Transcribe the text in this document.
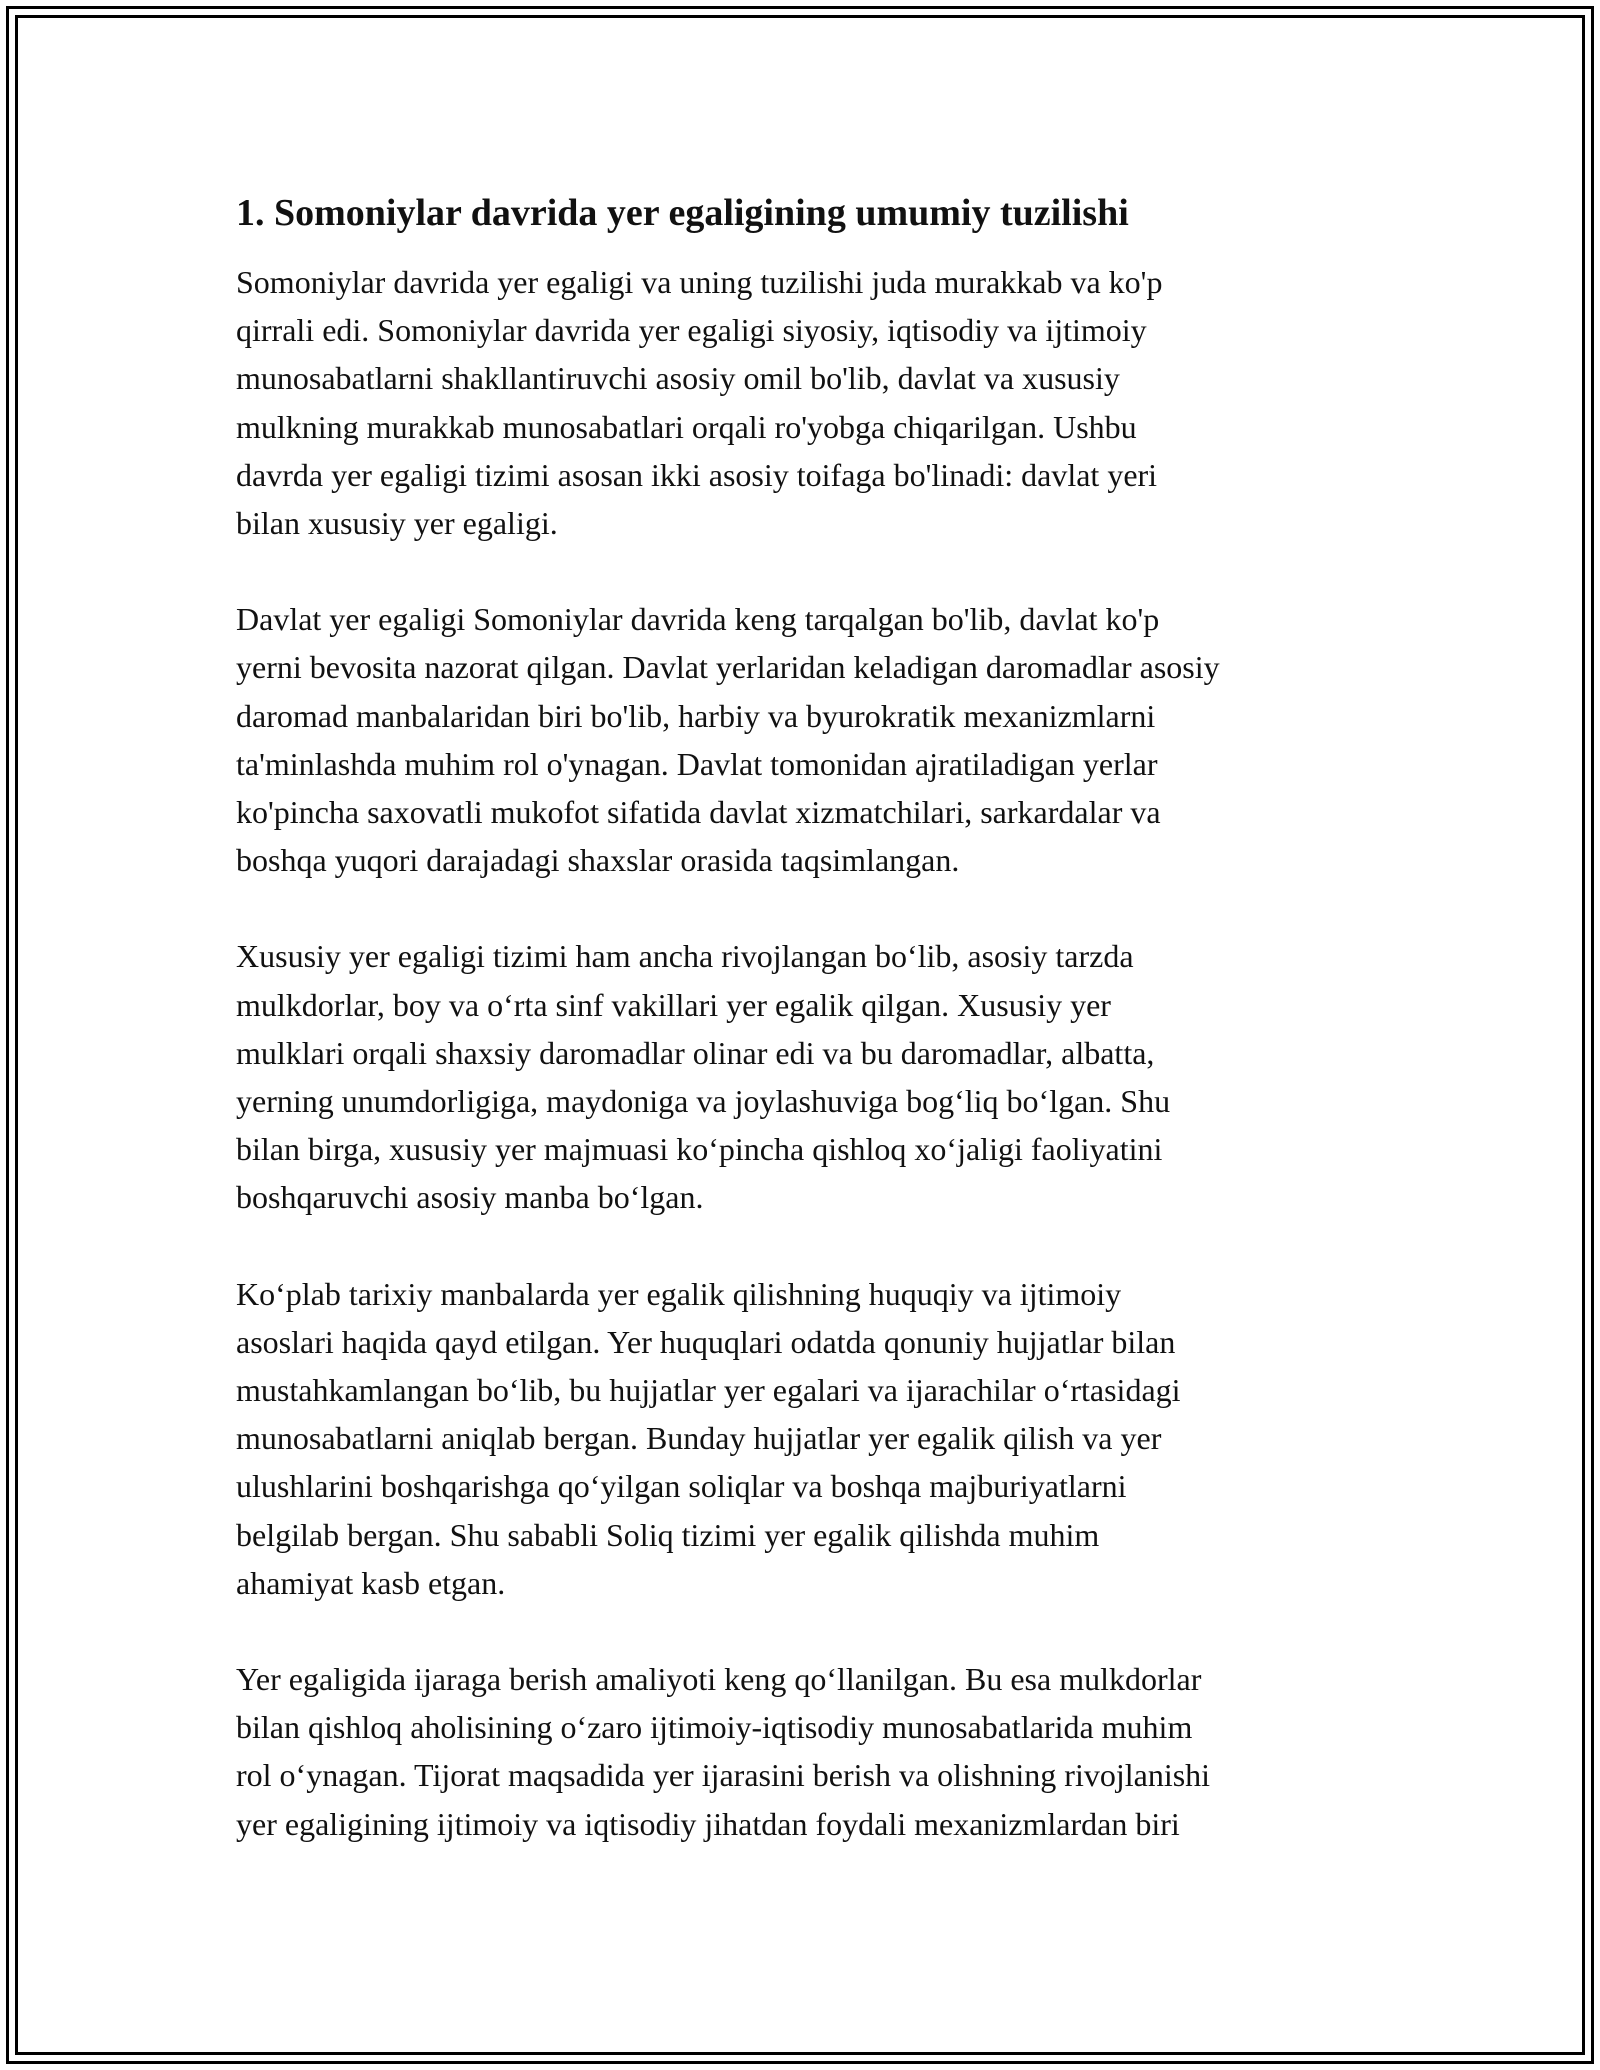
1. Somoniylar davrida yer egaligining umumiy tuzilishi

Somoniylar davrida yer egaligi va uning tuzilishi juda murakkab va ko'p
qirrali edi. Somoniylar davrida yer egaligi siyosiy, iqtisodiy va ijtimoiy
munosabatlarni shakllantiruvchi asosiy omil bo'lib, davlat va xususiy
mulkning murakkab munosabatlari orqali ro'yobga chiqarilgan. Ushbu
davrda yer egaligi tizimi asosan ikki asosiy toifaga bo'linadi: davlat yeri
bilan xususiy yer egaligi.

Davlat yer egaligi Somoniylar davrida keng tarqalgan bo'lib, davlat ko'p
yerni bevosita nazorat qilgan. Davlat yerlaridan keladigan daromadlar asosiy
daromad manbalaridan biri bo'lib, harbiy va byurokratik mexanizmlarni
ta'minlashda muhim rol o'ynagan. Davlat tomonidan ajratiladigan yerlar
ko'pincha saxovatli mukofot sifatida davlat xizmatchilari, sarkardalar va
boshqa yuqori darajadagi shaxslar orasida taqsimlangan.

Xususiy yer egaligi tizimi ham ancha rivojlangan bo‘lib, asosiy tarzda
mulkdorlar, boy va o‘rta sinf vakillari yer egalik qilgan. Xususiy yer
mulklari orqali shaxsiy daromadlar olinar edi va bu daromadlar, albatta,
yerning unumdorligiga, maydoniga va joylashuviga bog‘liq bo‘lgan. Shu
bilan birga, xususiy yer majmuasi ko‘pincha qishloq xo‘jaligi faoliyatini
boshqaruvchi asosiy manba bo‘lgan.

Ko‘plab tarixiy manbalarda yer egalik qilishning huquqiy va ijtimoiy
asoslari haqida qayd etilgan. Yer huquqlari odatda qonuniy hujjatlar bilan
mustahkamlangan bo‘lib, bu hujjatlar yer egalari va ijarachilar o‘rtasidagi
munosabatlarni aniqlab bergan. Bunday hujjatlar yer egalik qilish va yer
ulushlarini boshqarishga qo‘yilgan soliqlar va boshqa majburiyatlarni
belgilab bergan. Shu sababli Soliq tizimi yer egalik qilishda muhim
ahamiyat kasb etgan.

Yer egaligida ijaraga berish amaliyoti keng qo‘llanilgan. Bu esa mulkdorlar
bilan qishloq aholisining o‘zaro ijtimoiy-iqtisodiy munosabatlarida muhim
rol o‘ynagan. Tijorat maqsadida yer ijarasini berish va olishning rivojlanishi
yer egaligining ijtimoiy va iqtisodiy jihatdan foydali mexanizmlardan biri
